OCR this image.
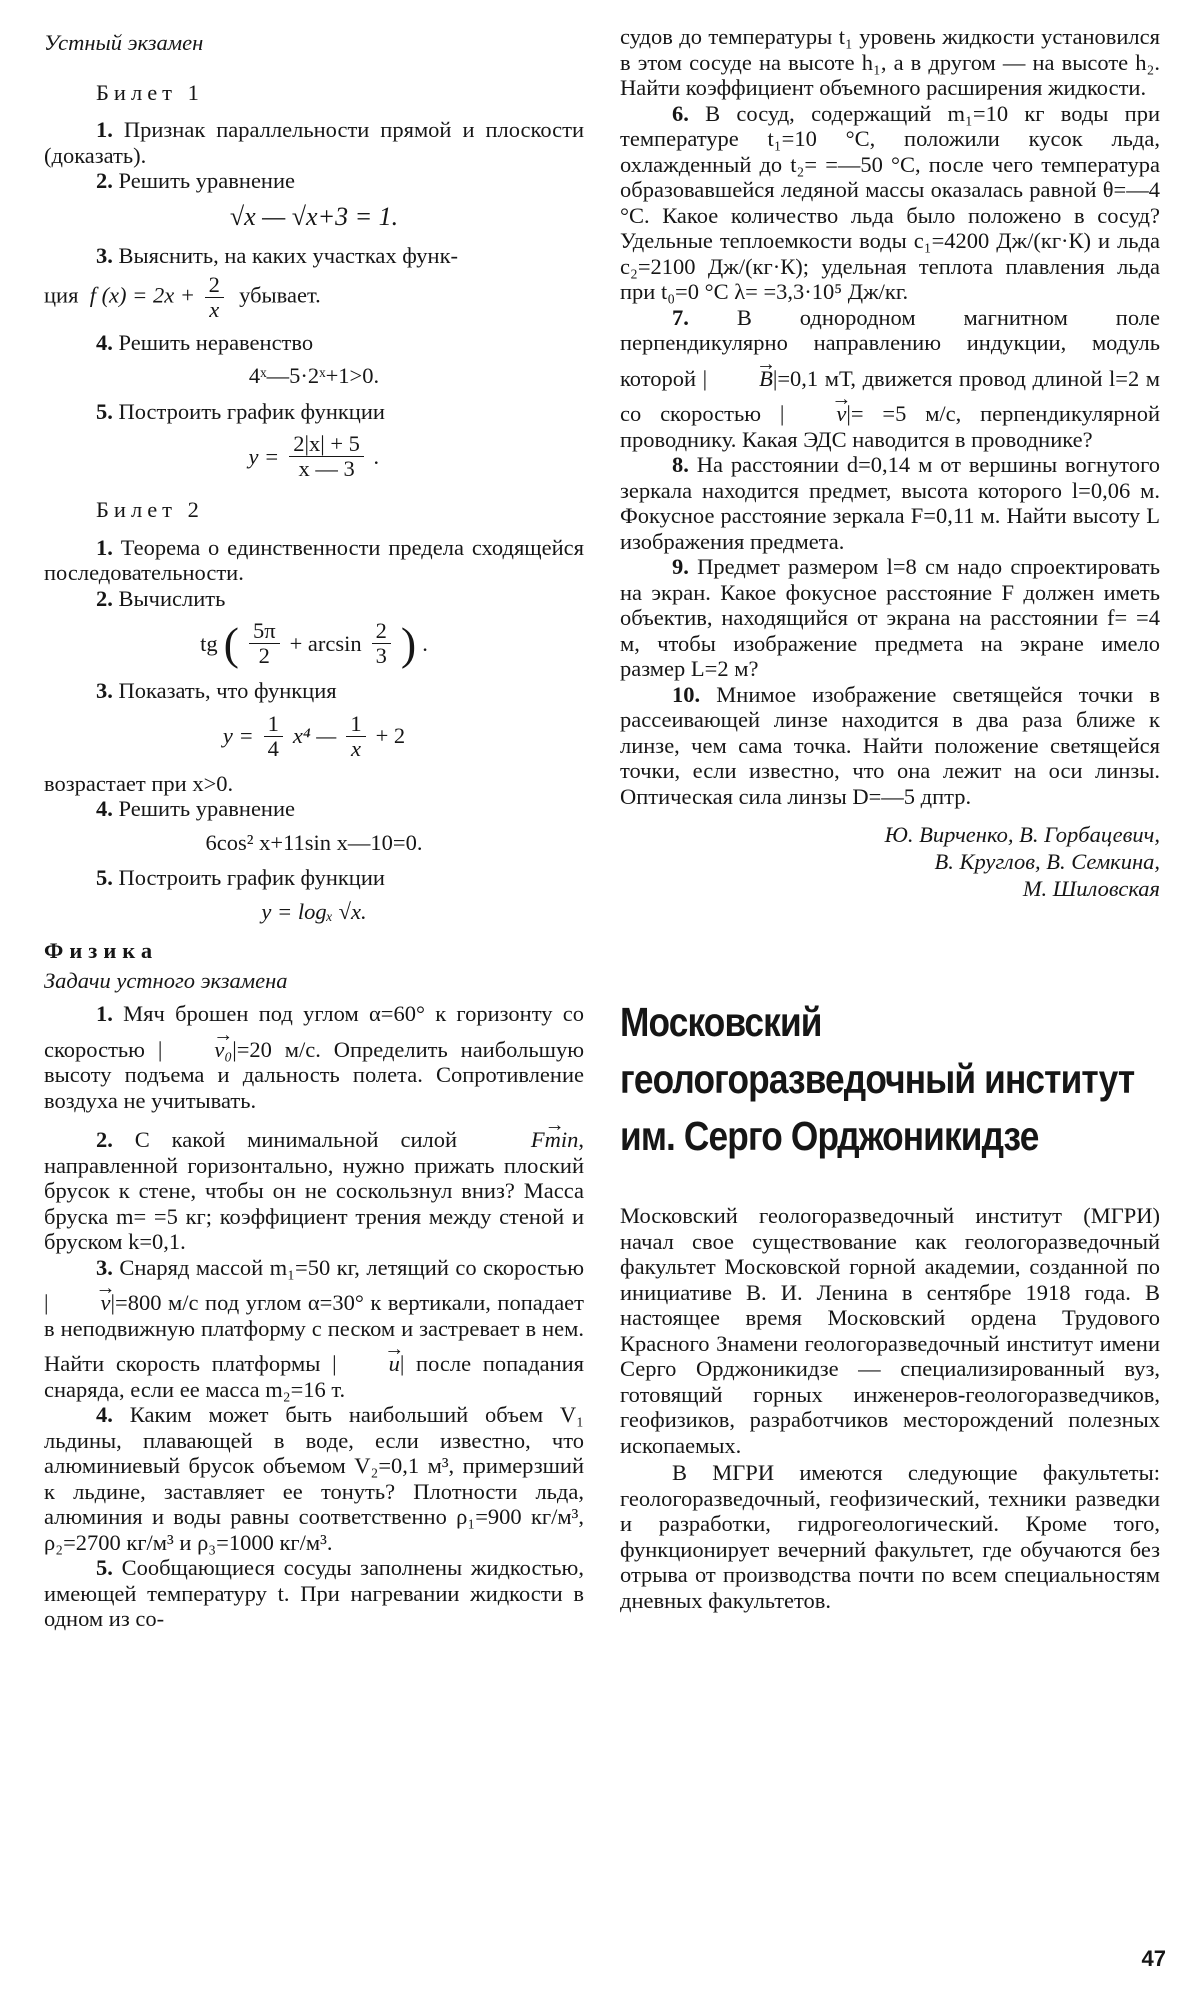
Устный экзамен

Билет 1

1. Признак параллельности прямой и плоскости (доказать).

2. Решить уравнение

√x — √x+3 = 1.

3. Выяснить, на каких участках функ-

ция f $(x) = 2x + \frac{2}{x}$ убывает.

4. Решить неравенство

4ˣ—5·2ˣ+1>0.

5. Построить график функции

$y = \frac{2|x| + 5}{x — 3}$ .

Билет 2

1. Теорема о единственности предела сходящейся последовательности.

2. Вычислить

tg ( $\frac{5\pi}{2} + \arcsin \frac{2}{3}$ ) .

3. Показать, что функция

$y = \frac{1}{4} x^4$ — $\frac{1}{x} + 2$

возрастает при x>0.

4. Решить уравнение

6cos² x+11sin x—10=0.

5. Построить график функции

y = logₓ √x.

Физика

Задачи устного экзамена

1. Мяч брошен под углом α=60° к горизонту со скоростью | → v₀|=20 м/с. Определить наибольшую высоту подъема и дальность полета. Сопротивление воздуха не учитывать.

2. С какой минимальной силой → Fmin, направленной горизонтально, нужно прижать плоский брусок к стене, чтобы он не соскользнул вниз? Масса бруска m= =5 кг; коэффициент трения между стеной и бруском k=0,1.

3. Снаряд массой m₁=50 кг, летящий со скоростью | → v|=800 м/с под углом α=30° к вертикали, попадает в неподвижную платформу с песком и застревает в нем. Найти скорость платформы | → u| после попадания снаряда, если ее масса m₂=16 т.

4. Каким может быть наибольший объем V₁ льдины, плавающей в воде, если известно, что алюминиевый брусок объемом V₂=0,1 м³, примерзший к льдине, заставляет ее тонуть? Плотности льда, алюминия и воды равны соответственно ρ₁=900 кг/м³, ρ₂=2700 кг/м³ и ρ₃=1000 кг/м³.

5. Сообщающиеся сосуды заполнены жидкостью, имеющей температуру t. При нагревании жидкости в одном из со-

судов до температуры t₁ уровень жидкости установился в этом сосуде на высоте h₁, а в другом — на высоте h₂. Найти коэффициент объемного расширения жидкости.

6. В сосуд, содержащий m₁=10 кг воды при температуре t₁=10 °С, положили кусок льда, охлажденный до t₂= =—50 °С, после чего температура образовавшейся ледяной массы оказалась равной θ=—4 °С. Какое количество льда было положено в сосуд? Удельные теплоемкости воды c₁=4200 Дж/(кг·К) и льда c₂=2100 Дж/(кг·К); удельная теплота плавления льда при t₀=0 °С λ= =3,3·10⁵ Дж/кг.

7. В однородном магнитном поле перпендикулярно направлению индукции, модуль которой | → B|=0,1 мТ, движется провод длиной l=2 м со скоростью | → v|= =5 м/с, перпендикулярной проводнику. Какая ЭДС наводится в проводнике?

8. На расстоянии d=0,14 м от вершины вогнутого зеркала находится предмет, высота которого l=0,06 м. Фокусное расстояние зеркала F=0,11 м. Найти высоту L изображения предмета.

9. Предмет размером l=8 см надо спроектировать на экран. Какое фокусное расстояние F должен иметь объектив, находящийся от экрана на расстоянии f= =4 м, чтобы изображение предмета на экране имело размер L=2 м?

10. Мнимое изображение светящейся точки в рассеивающей линзе находится в два раза ближе к линзе, чем сама точка. Найти положение светящейся точки, если известно, что она лежит на оси линзы. Оптическая сила линзы D=—5 дптр.

Ю. Вирченко, В. Горбацевич,
В. Круглов, В. Семкина,
М. Шиловская
Московский геологоразведочный институт им. Серго Орджоникидзе

Московский геологоразведочный институт (МГРИ) начал свое существование как геологоразведочный факультет Московской горной академии, созданной по инициативе В. И. Ленина в сентябре 1918 года. В настоящее время Московский ордена Трудового Красного Знамени геологоразведочный институт имени Серго Орджоникидзе — специализированный вуз, готовящий горных инженеров-геологоразведчиков, геофизиков, разработчиков месторождений полезных ископаемых.

В МГРИ имеются следующие факультеты: геологоразведочный, геофизический, техники разведки и разработки, гидрогеологический. Кроме того, функционирует вечерний факультет, где обучаются без отрыва от производства почти по всем специальностям дневных факультетов.

47
